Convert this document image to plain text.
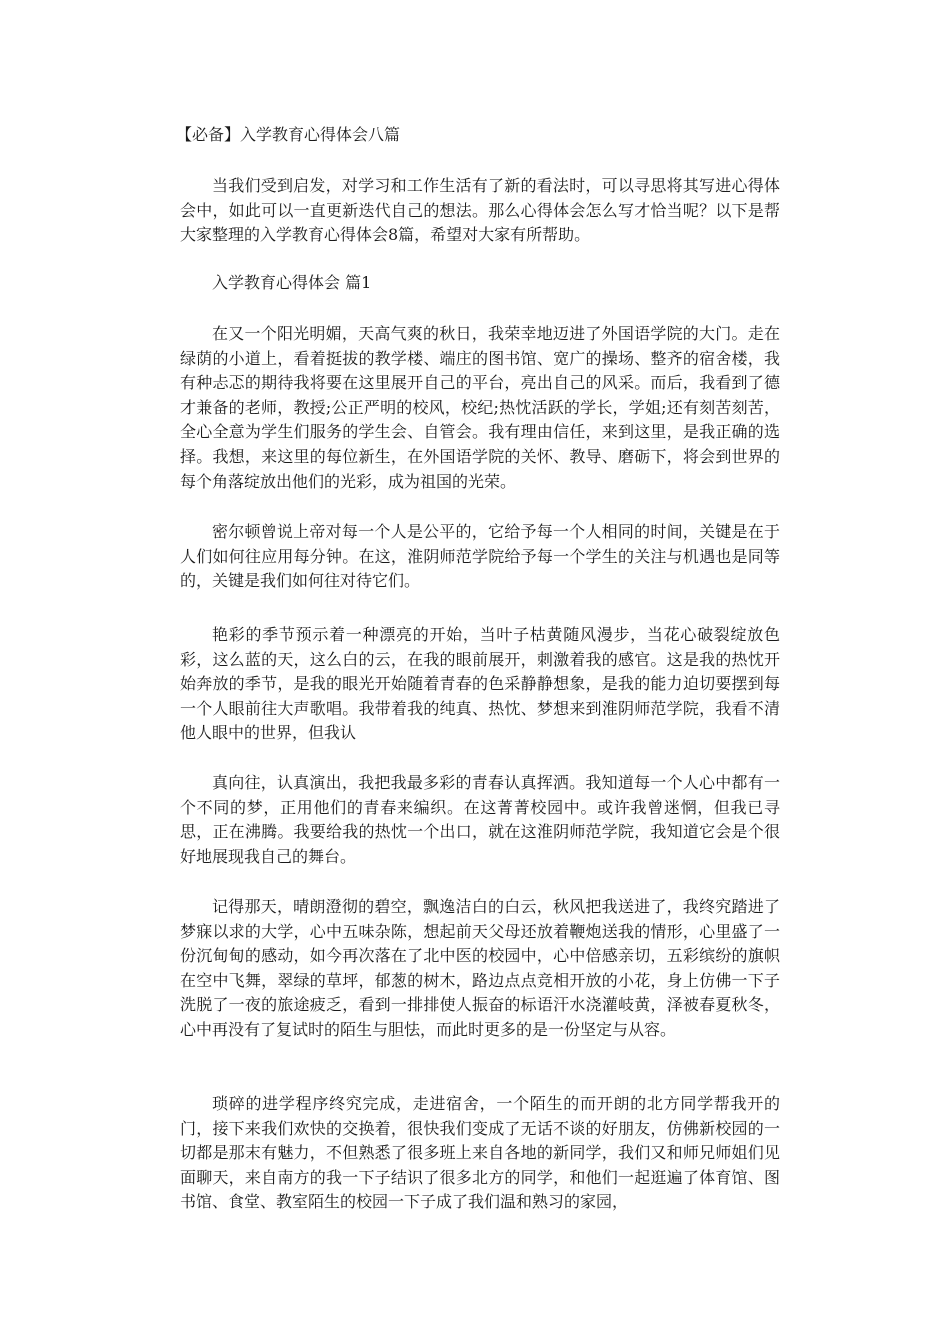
【必备】入学教育心得体会八篇

当我们受到启发，对学习和工作生活有了新的看法时，可以寻思将其写进心得体会中，如此可以一直更新迭代自己的想法。那么心得体会怎么写才恰当呢？以下是帮大家整理的入学教育心得体会8篇，希望对大家有所帮助。

入学教育心得体会 篇1

在又一个阳光明媚，天高气爽的秋日，我荣幸地迈进了外国语学院的大门。走在绿荫的小道上，看着挺拔的教学楼、端庄的图书馆、宽广的操场、整齐的宿舍楼，我有种忐忑的期待我将要在这里展开自己的平台，亮出自己的风采。而后，我看到了德才兼备的老师，教授;公正严明的校风，校纪;热忱活跃的学长，学姐;还有刻苦刻苦，全心全意为学生们服务的学生会、自管会。我有理由信任，来到这里，是我正确的选择。我想，来这里的每位新生，在外国语学院的关怀、教导、磨砺下，将会到世界的每个角落绽放出他们的光彩，成为祖国的光荣。

密尔顿曾说上帝对每一个人是公平的，它给予每一个人相同的时间，关键是在于人们如何往应用每分钟。在这，淮阴师范学院给予每一个学生的关注与机遇也是同等的，关键是我们如何往对待它们。

艳彩的季节预示着一种漂亮的开始，当叶子枯黄随风漫步，当花心破裂绽放色彩，这么蓝的天，这么白的云，在我的眼前展开，刺激着我的感官。这是我的热忱开始奔放的季节，是我的眼光开始随着青春的色采静静想象，是我的能力迫切要摆到每一个人眼前往大声歌唱。我带着我的纯真、热忱、梦想来到淮阴师范学院，我看不清他人眼中的世界，但我认

真向往，认真演出，我把我最多彩的青春认真挥洒。我知道每一个人心中都有一个不同的梦，正用他们的青春来编织。在这菁菁校园中。或许我曾迷惘，但我已寻思，正在沸腾。我要给我的热忱一个出口，就在这淮阴师范学院，我知道它会是个很好地展现我自己的舞台。

记得那天，晴朗澄彻的碧空，飘逸洁白的白云，秋风把我送进了，我终究踏进了梦寐以求的大学，心中五味杂陈，想起前天父母还放着鞭炮送我的情形，心里盛了一份沉甸甸的感动，如今再次落在了北中医的校园中，心中倍感亲切，五彩缤纷的旗帜在空中飞舞，翠绿的草坪，郁葱的树木，路边点点竞相开放的小花，身上仿佛一下子洗脱了一夜的旅途疲乏，看到一排排使人振奋的标语汗水浇灌岐黄，泽被春夏秋冬，心中再没有了复试时的陌生与胆怯，而此时更多的是一份坚定与从容。

琐碎的进学程序终究完成，走进宿舍，一个陌生的而开朗的北方同学帮我开的门，接下来我们欢快的交换着，很快我们变成了无话不谈的好朋友，仿佛新校园的一切都是那末有魅力，不但熟悉了很多班上来自各地的新同学，我们又和师兄师姐们见面聊天，来自南方的我一下子结识了很多北方的同学，和他们一起逛遍了体育馆、图书馆、食堂、教室陌生的校园一下子成了我们温和熟习的家园，
